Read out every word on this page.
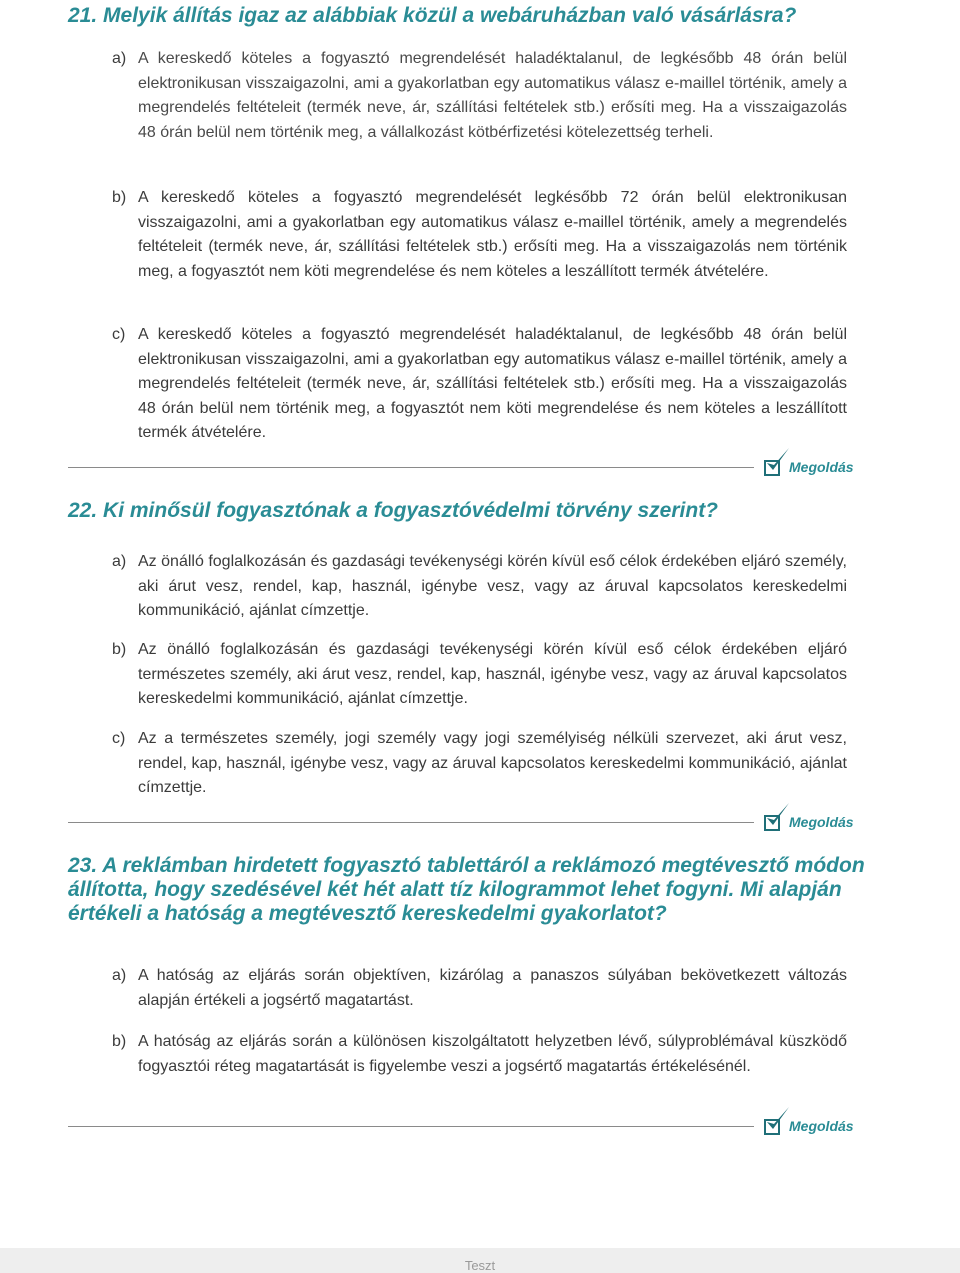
21. Melyik állítás igaz az alábbiak közül a webáruházban való vásárlásra?
a) A kereskedő köteles a fogyasztó megrendelését haladéktalanul, de legkésőbb 48 órán belül elektronikusan visszaigazolni, ami a gyakorlatban egy automatikus válasz e-maillel történik, amely a megrendelés feltételeit (termék neve, ár, szállítási feltételek stb.) erősíti meg. Ha a visszaigazolás 48 órán belül nem történik meg, a vállalkozást kötbérfizetési kötelezettség terheli.
b) A kereskedő köteles a fogyasztó megrendelését legkésőbb 72 órán belül elektronikusan visszaigazolni, ami a gyakorlatban egy automatikus válasz e-maillel történik, amely a megrendelés feltételeit (termék neve, ár, szállítási feltételek stb.) erősíti meg. Ha a visszaigazolás nem történik meg, a fogyasztót nem köti megrendelése és nem köteles a leszállított termék átvételére.
c) A kereskedő köteles a fogyasztó megrendelését haladéktalanul, de legkésőbb 48 órán belül elektronikusan visszaigazolni, ami a gyakorlatban egy automatikus válasz e-maillel történik, amely a megrendelés feltételeit (termék neve, ár, szállítási feltételek stb.) erősíti meg. Ha a visszaigazolás 48 órán belül nem történik meg, a fogyasztót nem köti megrendelése és nem köteles a leszállított termék átvételére.
Megoldás
22. Ki minősül fogyasztónak a fogyasztóvédelmi törvény szerint?
a) Az önálló foglalkozásán és gazdasági tevékenységi körén kívül eső célok érdekében eljáró személy, aki árut vesz, rendel, kap, használ, igénybe vesz, vagy az áruval kapcsolatos kereskedelmi kommunikáció, ajánlat címzettje.
b) Az önálló foglalkozásán és gazdasági tevékenységi körén kívül eső célok érdekében eljáró természetes személy, aki árut vesz, rendel, kap, használ, igénybe vesz, vagy az áruval kapcsolatos kereskedelmi kommunikáció, ajánlat címzettje.
c) Az a természetes személy, jogi személy vagy jogi személyiség nélküli szervezet, aki árut vesz, rendel, kap, használ, igénybe vesz, vagy az áruval kapcsolatos kereskedelmi kommunikáció, ajánlat címzettje.
Megoldás
23. A reklámban hirdetett fogyasztó tablettáról a reklámozó megtévesztő módon állította, hogy szedésével két hét alatt tíz kilogrammot lehet fogyni. Mi alapján értékeli a hatóság a megtévesztő kereskedelmi gyakorlatot?
a) A hatóság az eljárás során objektíven, kizárólag a panaszos súlyában bekövetkezett változás alapján értékeli a jogsértő magatartást.
b) A hatóság az eljárás során a különösen kiszolgáltatott helyzetben lévő, súlyproblémával küszködő fogyasztói réteg magatartását is figyelembe veszi a jogsértő magatartás értékelésénél.
Megoldás
Teszt
